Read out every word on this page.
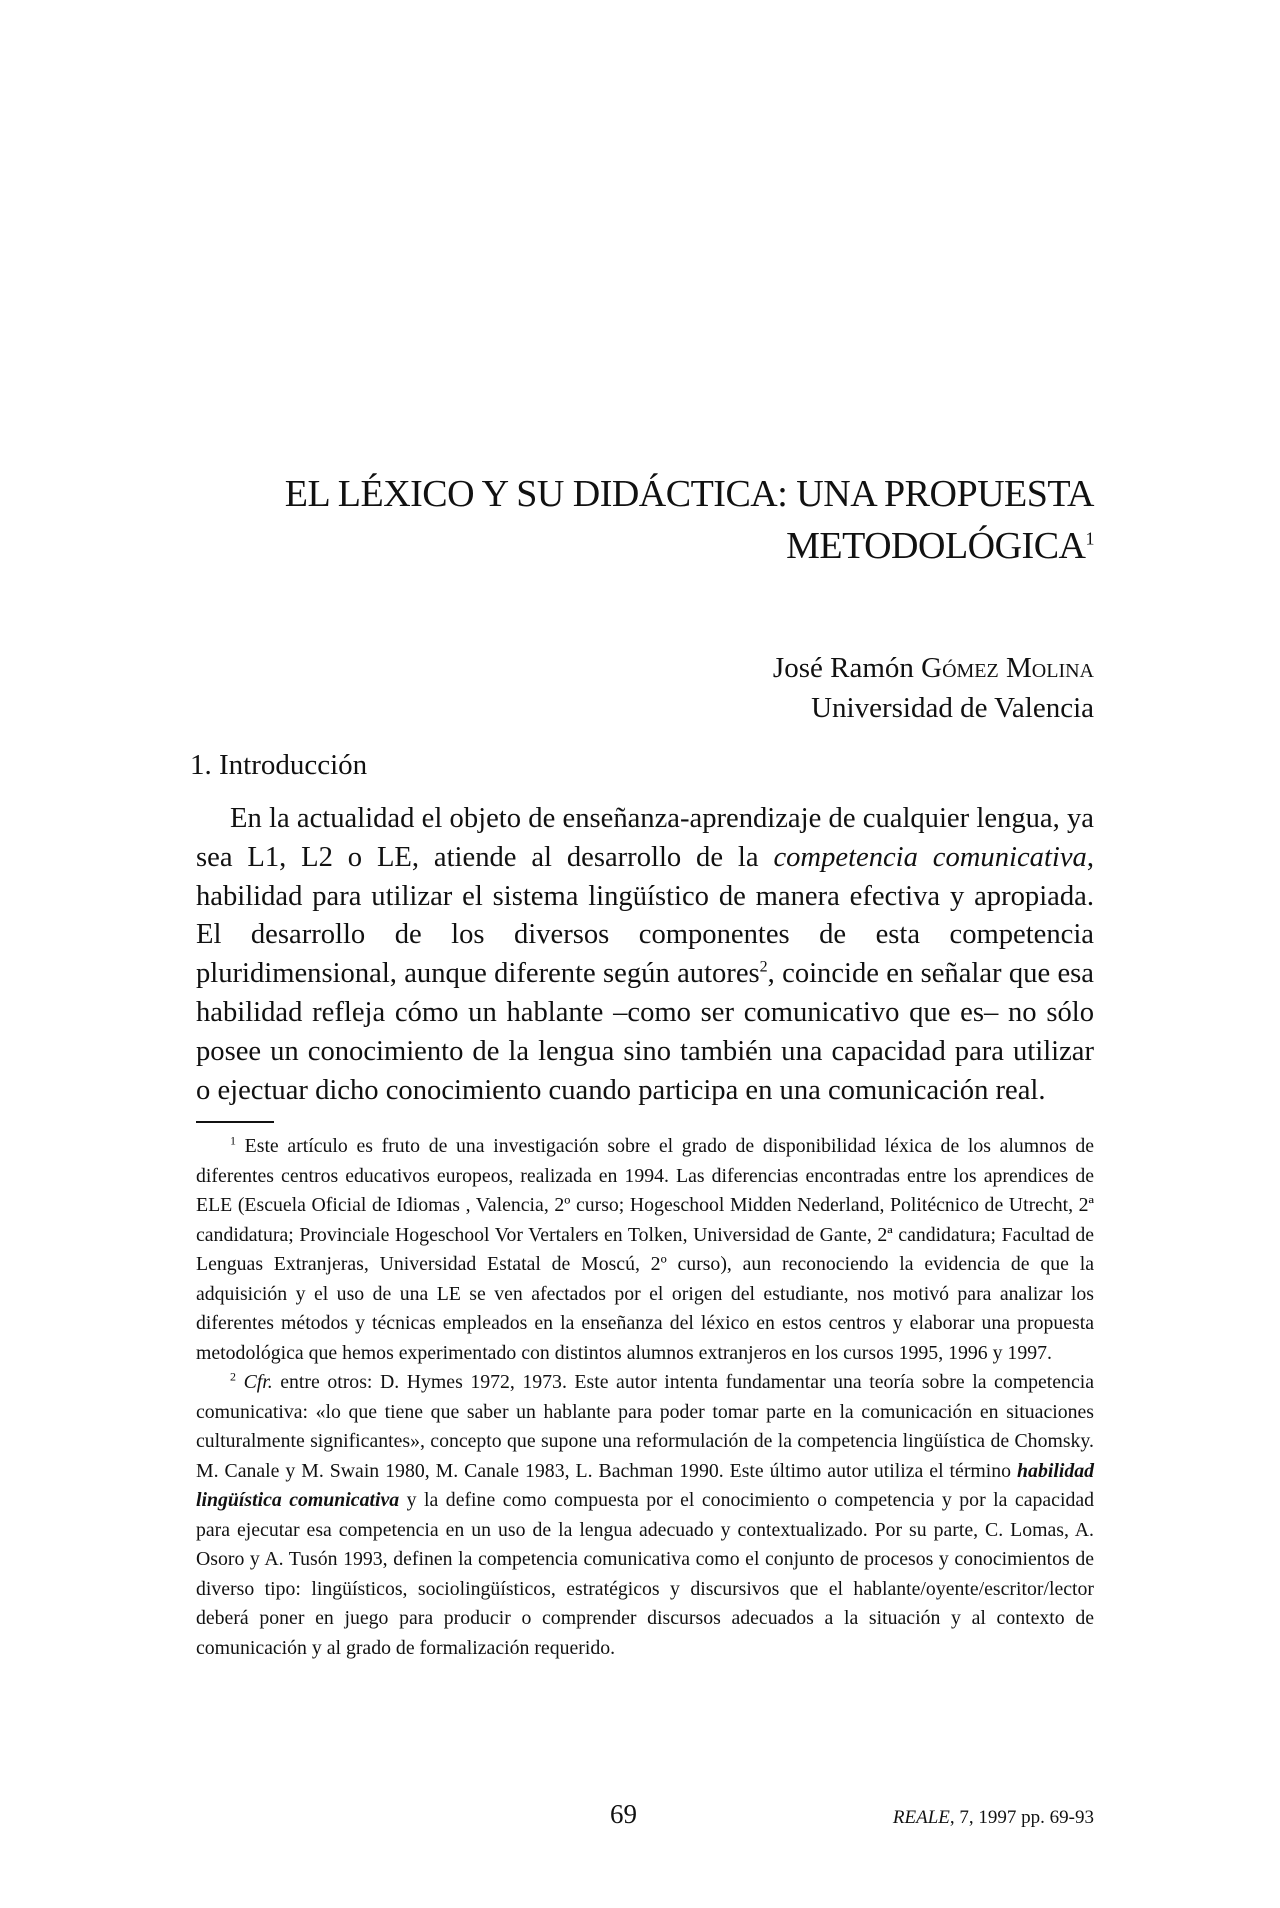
EL LÉXICO Y SU DIDÁCTICA: UNA PROPUESTA
METODOLÓGICA$^1$
José Ramón Gómez Molina
Universidad de Valencia
1. Introducción

En la actualidad el objeto de enseñanza-aprendizaje de cualquier lengua, ya sea L1, L2 o LE, atiende al desarrollo de la competencia comunicativa, habilidad para utilizar el sistema lingüístico de manera efectiva y apropiada. El desarrollo de los diversos componentes de esta competencia pluridimensional, aunque diferente según autores$^2$, coincide en señalar que esa habilidad refleja cómo un hablante –como ser comunicativo que es– no sólo posee un conocimiento de la lengua sino también una capacidad para utilizar o ejectuar dicho conocimiento cuando participa en una comunicación real.

$^1$ Este artículo es fruto de una investigación sobre el grado de disponibilidad léxica de los alumnos de diferentes centros educativos europeos, realizada en 1994. Las diferencias encontradas entre los aprendices de ELE (Escuela Oficial de Idiomas , Valencia, 2º curso; Hogeschool Midden Nederland, Politécnico de Utrecht, 2ª candidatura; Provinciale Hogeschool Vor Vertalers en Tolken, Universidad de Gante, 2ª candidatura; Facultad de Lenguas Extranjeras, Universidad Estatal de Moscú, 2º curso), aun reconociendo la evidencia de que la adquisición y el uso de una LE se ven afectados por el origen del estudiante, nos motivó para analizar los diferentes métodos y técnicas empleados en la enseñanza del léxico en estos centros y elaborar una propuesta metodológica que hemos experimentado con distintos alumnos extranjeros en los cursos 1995, 1996 y 1997.

$^2$ Cfr. entre otros: D. Hymes 1972, 1973. Este autor intenta fundamentar una teoría sobre la competencia comunicativa: «lo que tiene que saber un hablante para poder tomar parte en la comunicación en situaciones culturalmente significantes», concepto que supone una reformulación de la competencia lingüística de Chomsky. M. Canale y M. Swain 1980, M. Canale 1983, L. Bachman 1990. Este último autor utiliza el término habilidad lingüística comunicativa y la define como compuesta por el conocimiento o competencia y por la capacidad para ejecutar esa competencia en un uso de la lengua adecuado y contextualizado. Por su parte, C. Lomas, A. Osoro y A. Tusón 1993, definen la competencia comunicativa como el conjunto de procesos y conocimientos de diverso tipo: lingüísticos, sociolingüísticos, estratégicos y discursivos que el hablante/oyente/escritor/lector deberá poner en juego para producir o comprender discursos adecuados a la situación y al contexto de comunicación y al grado de formalización requerido.

69	REALE, 7, 1997 pp. 69-93
